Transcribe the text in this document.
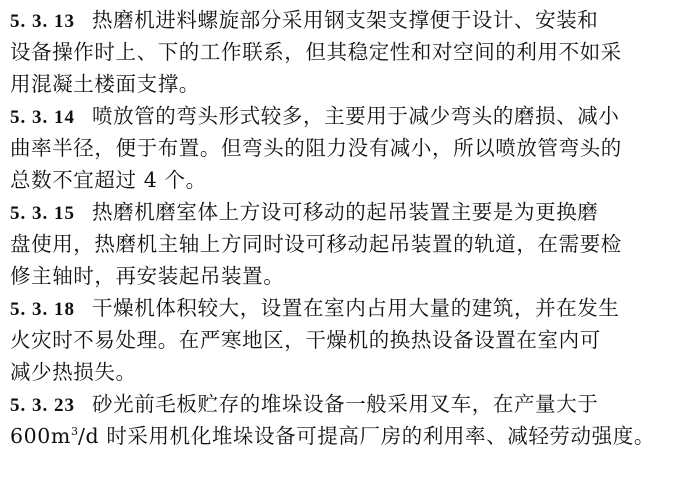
5. 3. 13 热磨机进料螺旋部分采用钢支架支撑便于设计、安装和
设备操作时上、下的工作联系，但其稳定性和对空间的利用不如采
用混凝土楼面支撑。
5. 3. 14 喷放管的弯头形式较多，主要用于减少弯头的磨损、减小
曲率半径，便于布置。但弯头的阻力没有减小，所以喷放管弯头的
总数不宜超过 4 个。
5. 3. 15 热磨机磨室体上方设可移动的起吊装置主要是为更换磨
盘使用，热磨机主轴上方同时设可移动起吊装置的轨道，在需要检
修主轴时，再安装起吊装置。
5. 3. 18 干燥机体积较大，设置在室内占用大量的建筑，并在发生
火灾时不易处理。在严寒地区，干燥机的换热设备设置在室内可
减少热损失。
5. 3. 23 砂光前毛板贮存的堆垛设备一般采用叉车，在产量大于
$600m^3/d$ 时采用机化堆垛设备可提高厂房的利用率、减轻劳动强度。
